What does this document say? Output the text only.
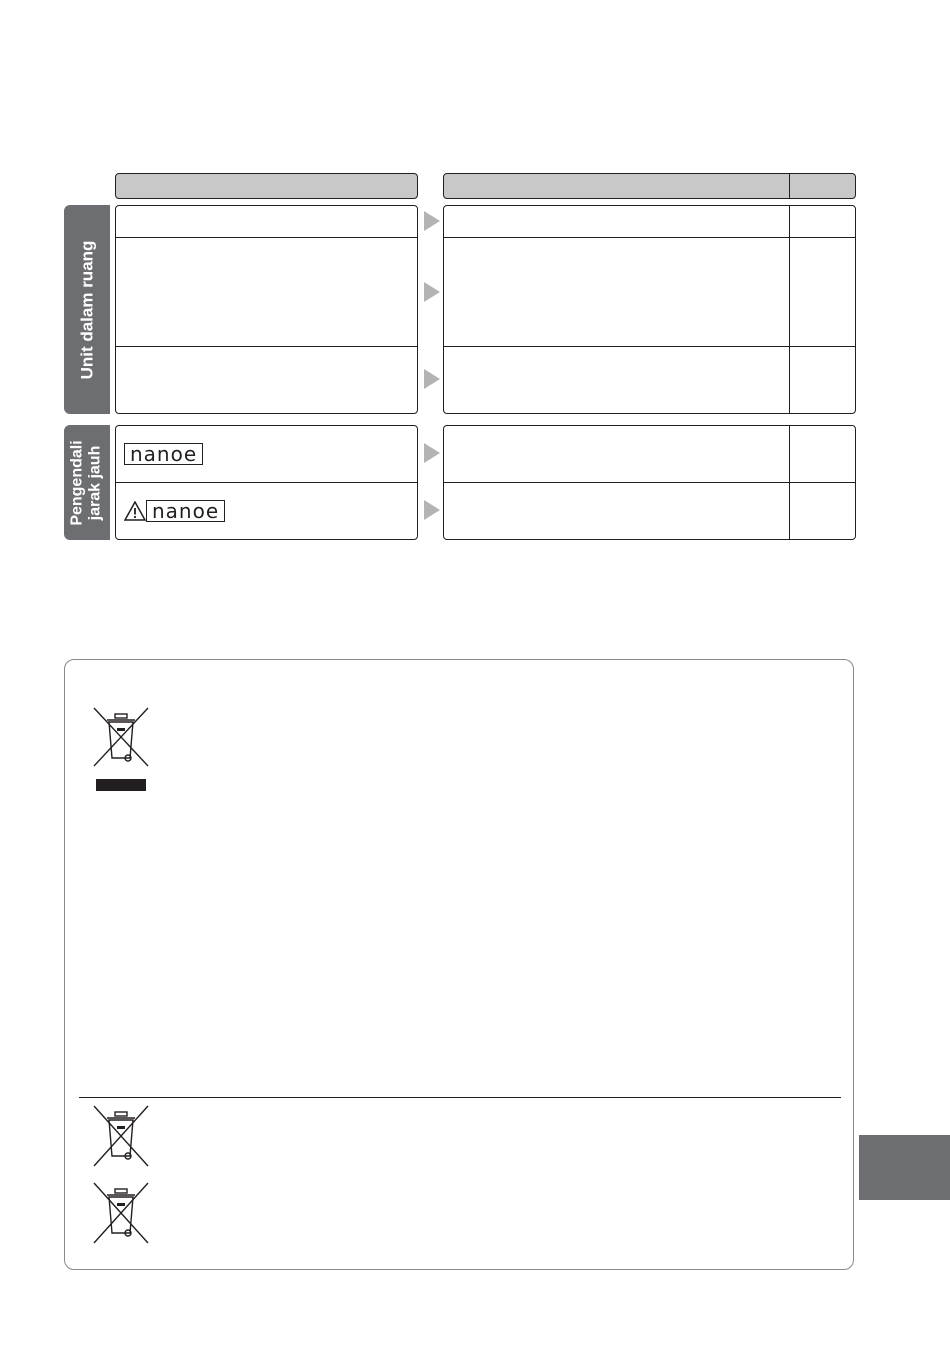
Unit dalam ruang
Pengendali jarak jauh	nanoe
nanoe
